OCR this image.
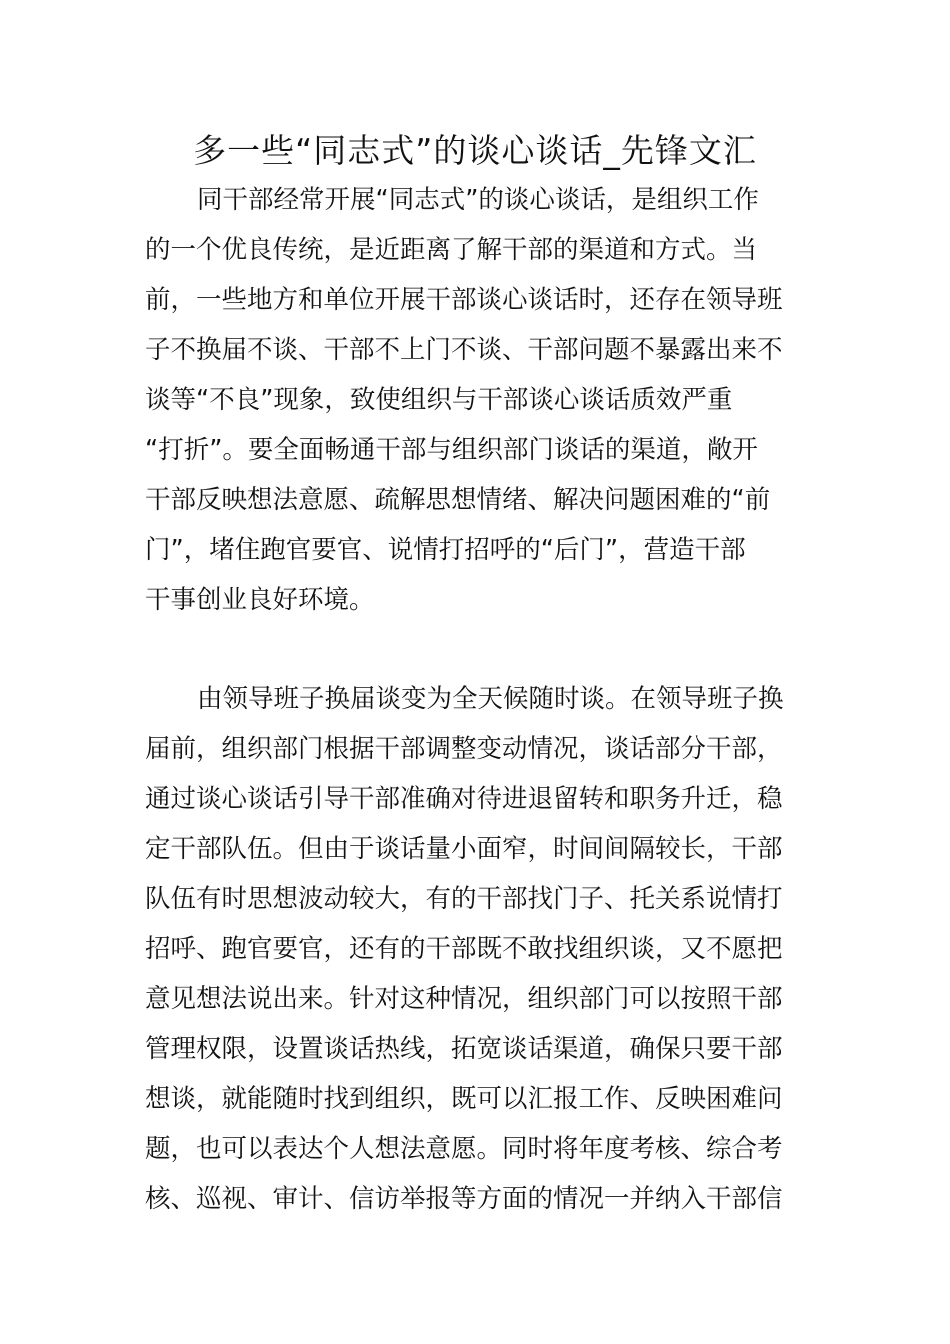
多一些“同志式”的谈心谈话_先锋文汇
同干部经常开展“同志式”的谈心谈话，是组织工作
的一个优良传统，是近距离了解干部的渠道和方式。当
前，一些地方和单位开展干部谈心谈话时，还存在领导班
子不换届不谈、干部不上门不谈、干部问题不暴露出来不
谈等“不良”现象，致使组织与干部谈心谈话质效严重
“打折”。要全面畅通干部与组织部门谈话的渠道，敞开
干部反映想法意愿、疏解思想情绪、解决问题困难的“前
门”，堵住跑官要官、说情打招呼的“后门”，营造干部
干事创业良好环境。
由领导班子换届谈变为全天候随时谈。在领导班子换
届前，组织部门根据干部调整变动情况，谈话部分干部，
通过谈心谈话引导干部准确对待进退留转和职务升迁，稳
定干部队伍。但由于谈话量小面窄，时间间隔较长，干部
队伍有时思想波动较大，有的干部找门子、托关系说情打
招呼、跑官要官，还有的干部既不敢找组织谈，又不愿把
意见想法说出来。针对这种情况，组织部门可以按照干部
管理权限，设置谈话热线，拓宽谈话渠道，确保只要干部
想谈，就能随时找到组织，既可以汇报工作、反映困难问
题，也可以表达个人想法意愿。同时将年度考核、综合考
核、巡视、审计、信访举报等方面的情况一并纳入干部信
